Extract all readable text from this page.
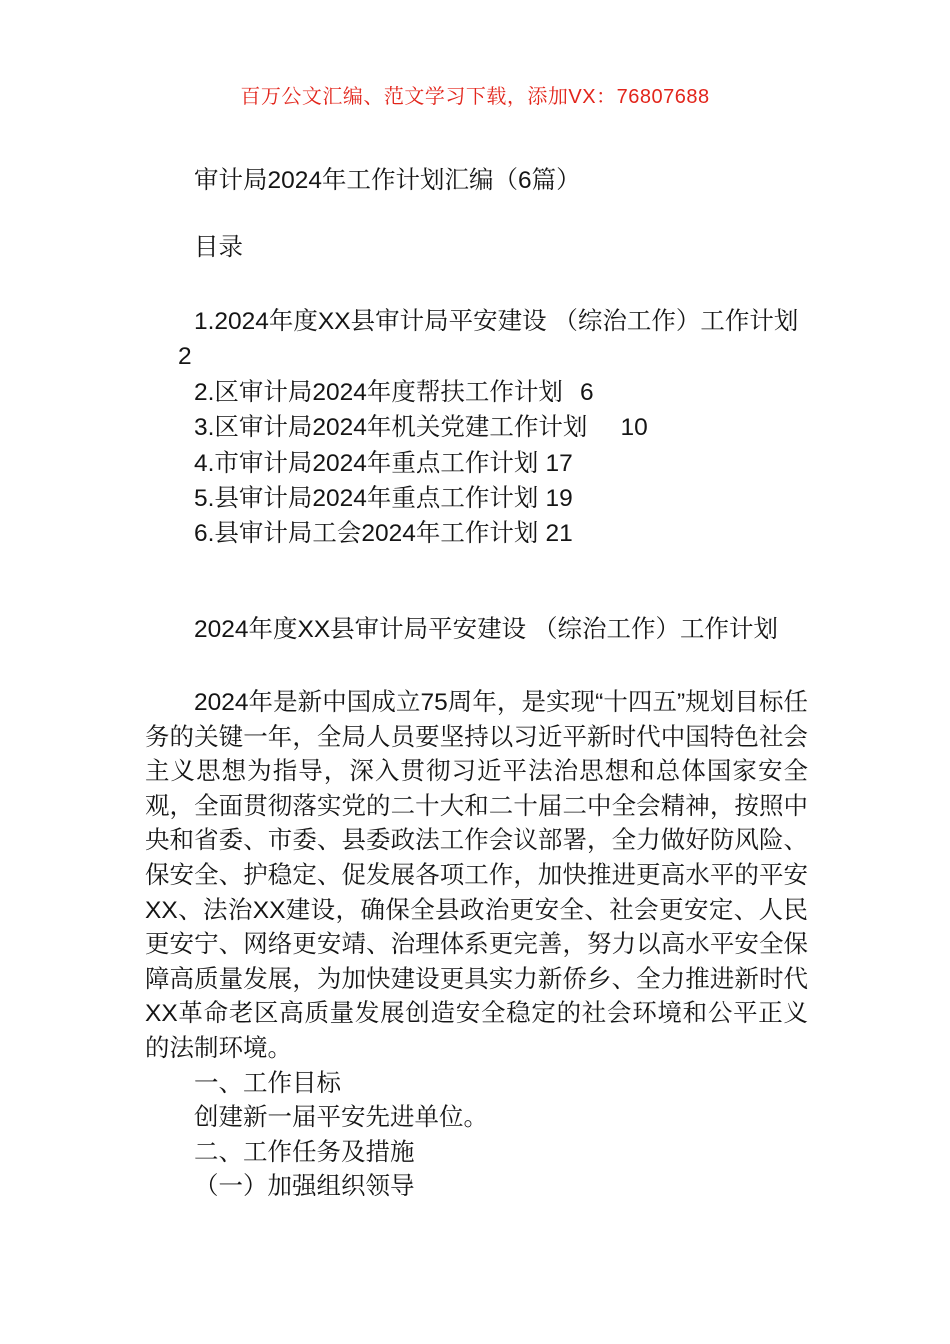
百万公文汇编、范文学习下载，添加VX：76807688
审计局2024年工作计划汇编（6篇）
目录
1.2024年度XX县审计局平安建设 （综治工作）工作计划
2
2.区审计局2024年度帮扶工作计划 6
3.区审计局2024年机关党建工作计划 10
4.市审计局2024年重点工作计划 17
5.县审计局2024年重点工作计划 19
6.县审计局工会2024年工作计划 21
2024年度XX县审计局平安建设 （综治工作）工作计划

2024年是新中国成立75周年，是实现“十四五”规划目标任务的关键一年，全局人员要坚持以习近平新时代中国特色社会主义思想为指导，深入贯彻习近平法治思想和总体国家安全观，全面贯彻落实党的二十大和二十届二中全会精神，按照中央和省委、市委、县委政法工作会议部署，全力做好防风险、保安全、护稳定、促发展各项工作，加快推进更高水平的平安XX、法治XX建设，确保全县政治更安全、社会更安定、人民更安宁、网络更安靖、治理体系更完善，努力以高水平安全保障高质量发展，为加快建设更具实力新侨乡、全力推进新时代XX革命老区高质量发展创造安全稳定的社会环境和公平正义的法制环境。

一、工作目标

创建新一届平安先进单位。

二、工作任务及措施

（一）加强组织领导
